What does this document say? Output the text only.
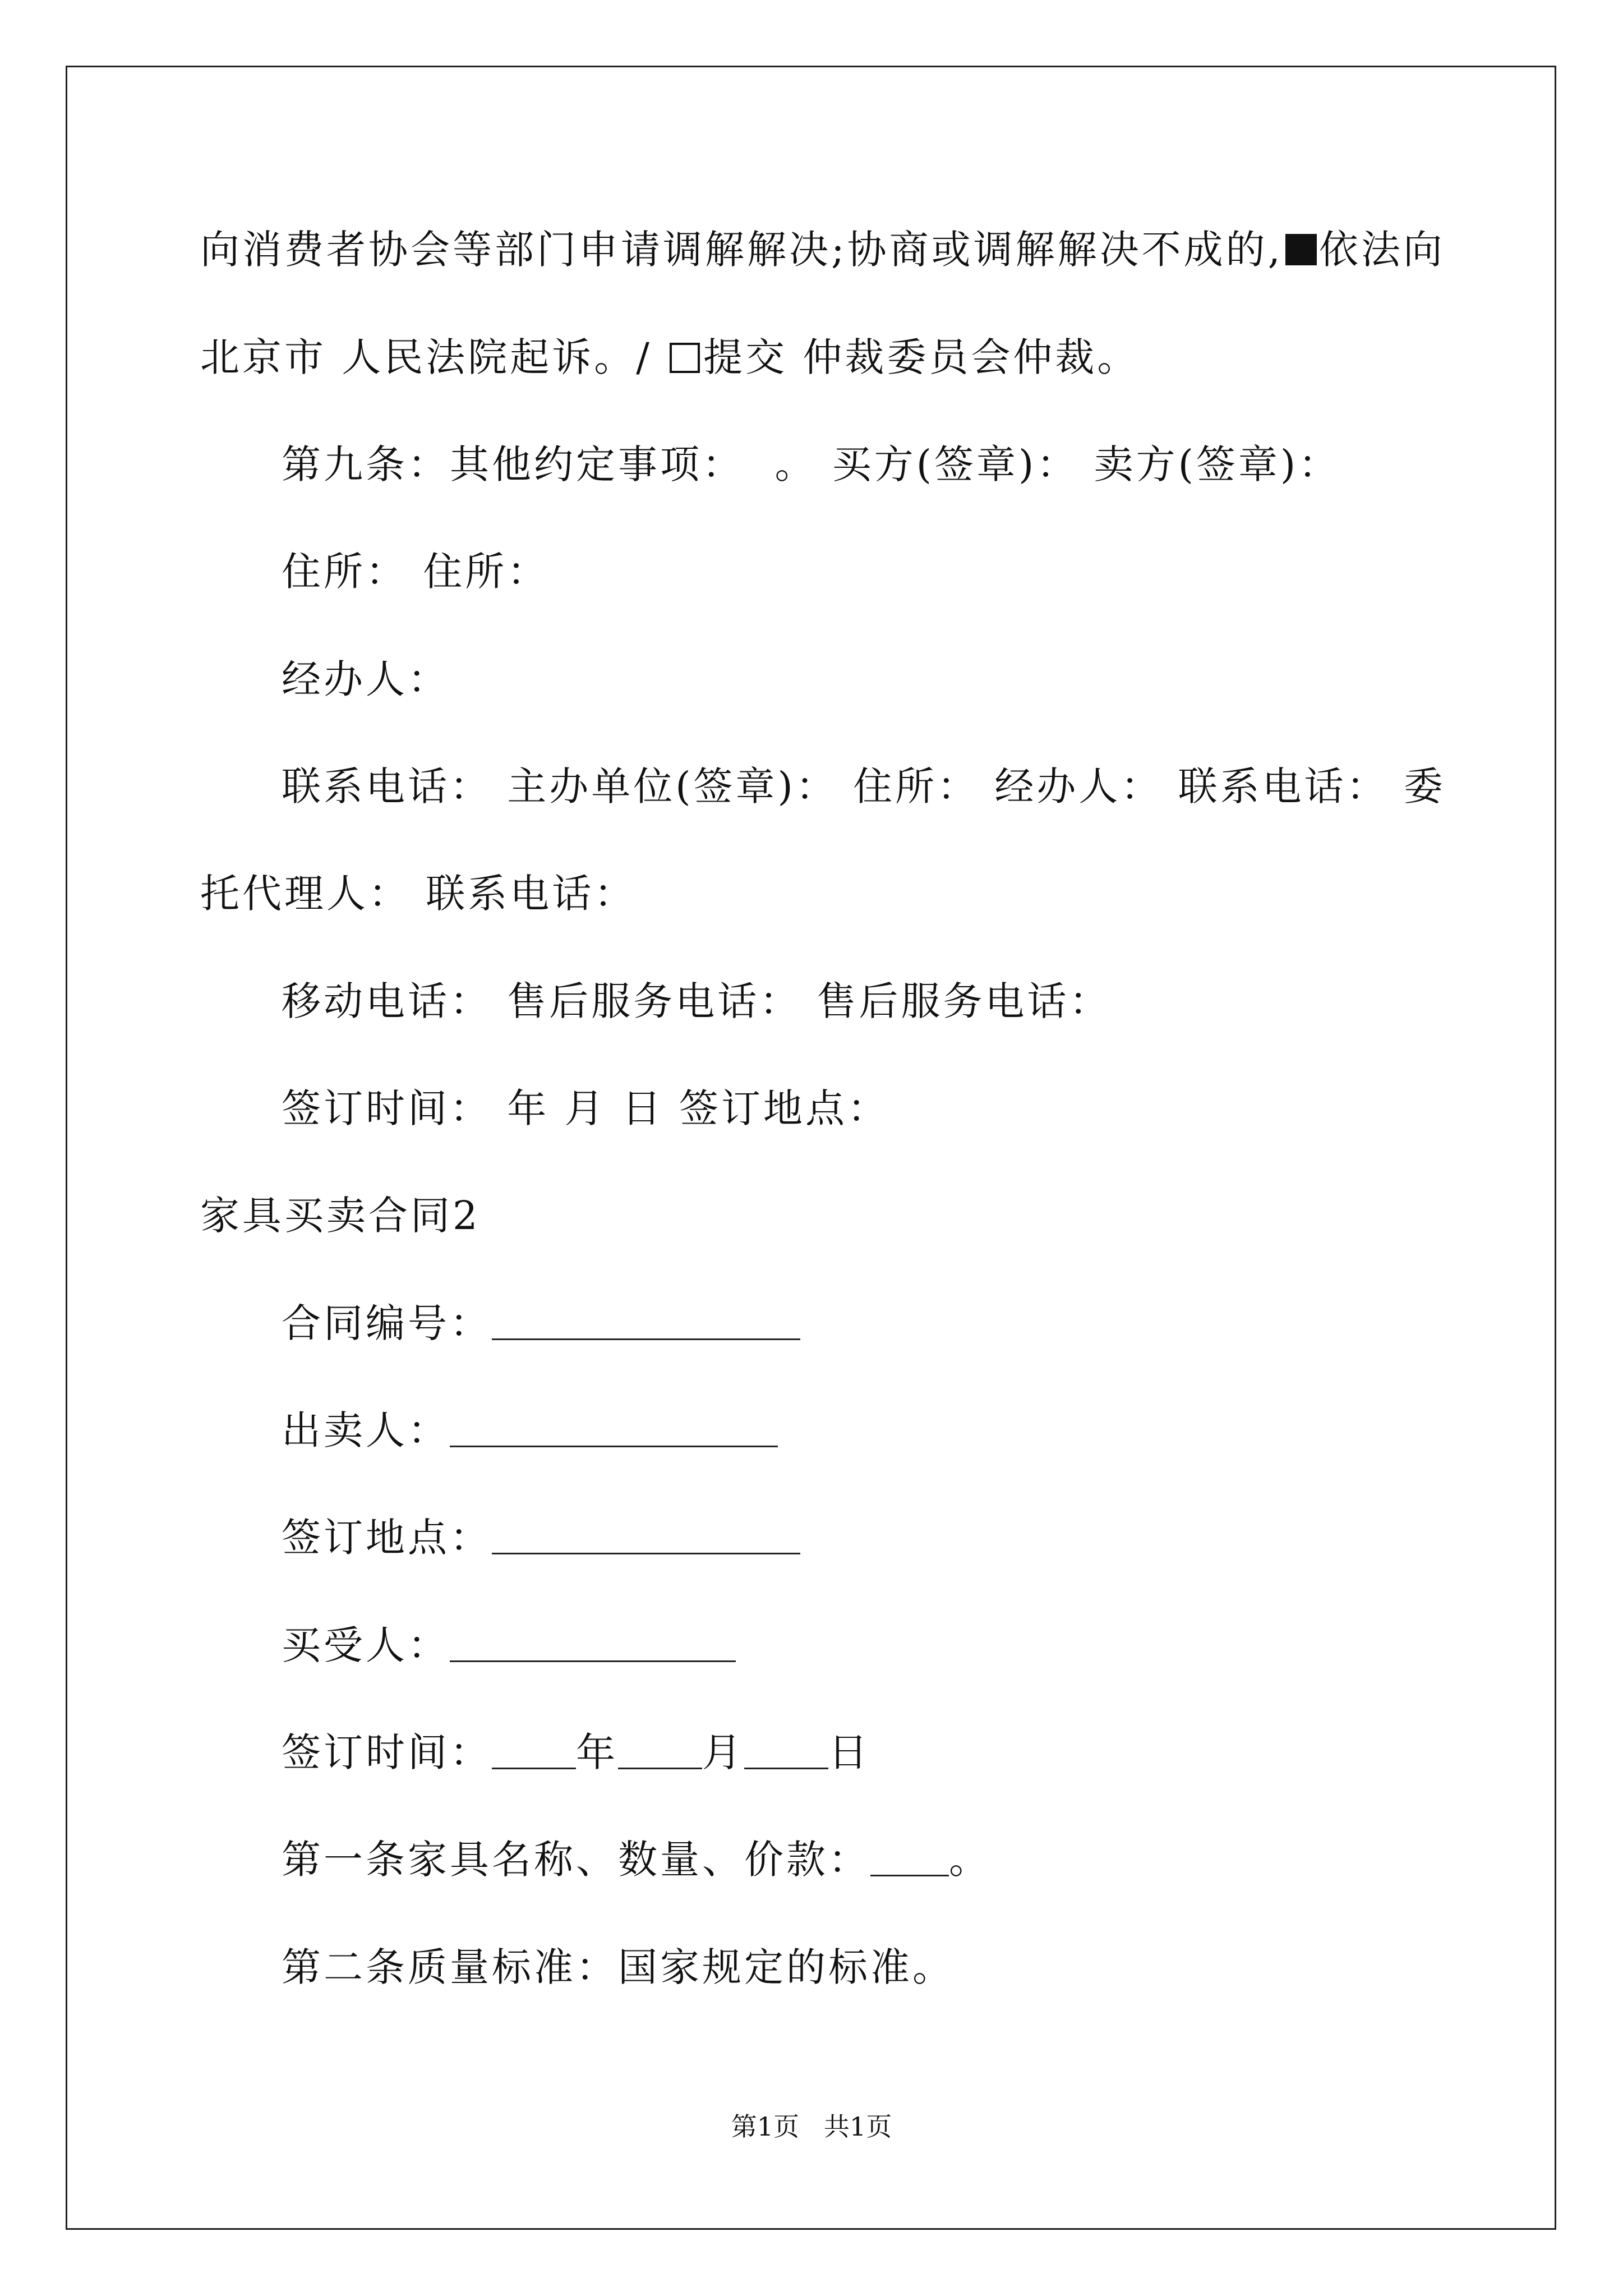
向消费者协会等部门申请调解解决;协商或调解解决不成的, 依法向
北京市 人民法院起诉。/ 提交 仲裁委员会仲裁。
第九条：其他约定事项：  。 买方(签章)： 卖方(签章)：
住所： 住所：
经办人：
联系电话： 主办单位(签章)： 住所： 经办人： 联系电话： 委
托代理人： 联系电话：
移动电话： 售后服务电话： 售后服务电话：
签订时间： 年 月 日 签订地点：
家具买卖合同2
合同编号：
出卖人：
签订地点：
买受人：
签订时间： 年 月 日
第一条家具名称、数量、价款： 。
第二条质量标准：国家规定的标准。
第1页   共1页
